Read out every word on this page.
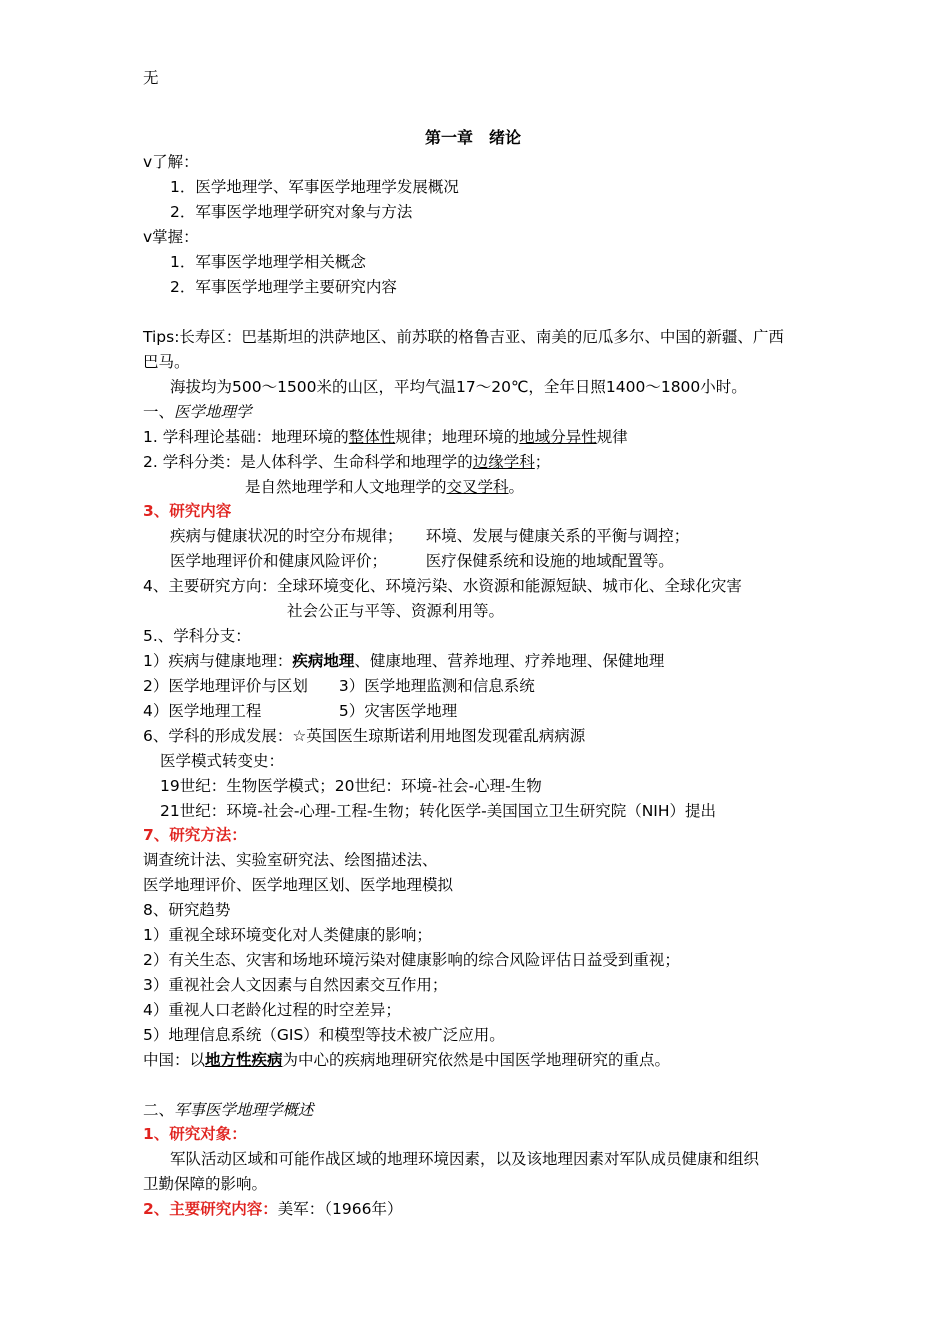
无
第一章　绪论
v了解：
1．医学地理学、军事医学地理学发展概况
2．军事医学地理学研究对象与方法
v掌握：
1．军事医学地理学相关概念
2．军事医学地理学主要研究内容
Tips:长寿区：巴基斯坦的洪萨地区、前苏联的格鲁吉亚、南美的厄瓜多尔、中国的新疆、广西
巴马。
海拔均为500～1500米的山区，平均气温17～20℃，全年日照1400～1800小时。
一、医学地理学
1. 学科理论基础：地理环境的整体性规律；地理环境的地域分异性规律
2. 学科分类：是人体科学、生命科学和地理学的边缘学科；
是自然地理学和人文地理学的交叉学科。
3、研究内容
疾病与健康状况的时空分布规律；　　环境、发展与健康关系的平衡与调控；
医学地理评价和健康风险评价；　　　医疗保健系统和设施的地域配置等。
4、主要研究方向：全球环境变化、环境污染、水资源和能源短缺、城市化、全球化灾害
社会公正与平等、资源利用等。
5.、学科分支：
1）疾病与健康地理：疾病地理、健康地理、营养地理、疗养地理、保健地理
2）医学地理评价与区划　　3）医学地理监测和信息系统
4）医学地理工程　　　　　5）灾害医学地理
6、学科的形成发展：☆英国医生琼斯诺利用地图发现霍乱病病源
医学模式转变史：
19世纪：生物医学模式；20世纪：环境-社会-心理-生物
21世纪：环境-社会-心理-工程-生物；转化医学-美国国立卫生研究院（NIH）提出
7、研究方法：
调查统计法、实验室研究法、绘图描述法、
医学地理评价、医学地理区划、医学地理模拟
8、研究趋势
1）重视全球环境变化对人类健康的影响；
2）有关生态、灾害和场地环境污染对健康影响的综合风险评估日益受到重视；
3）重视社会人文因素与自然因素交互作用；
4）重视人口老龄化过程的时空差异；
5）地理信息系统（GIS）和模型等技术被广泛应用。
中国：以地方性疾病为中心的疾病地理研究依然是中国医学地理研究的重点。
二、军事医学地理学概述
1、研究对象：
军队活动区域和可能作战区域的地理环境因素，以及该地理因素对军队成员健康和组织
卫勤保障的影响。
2、主要研究内容：美军：（1966年）
